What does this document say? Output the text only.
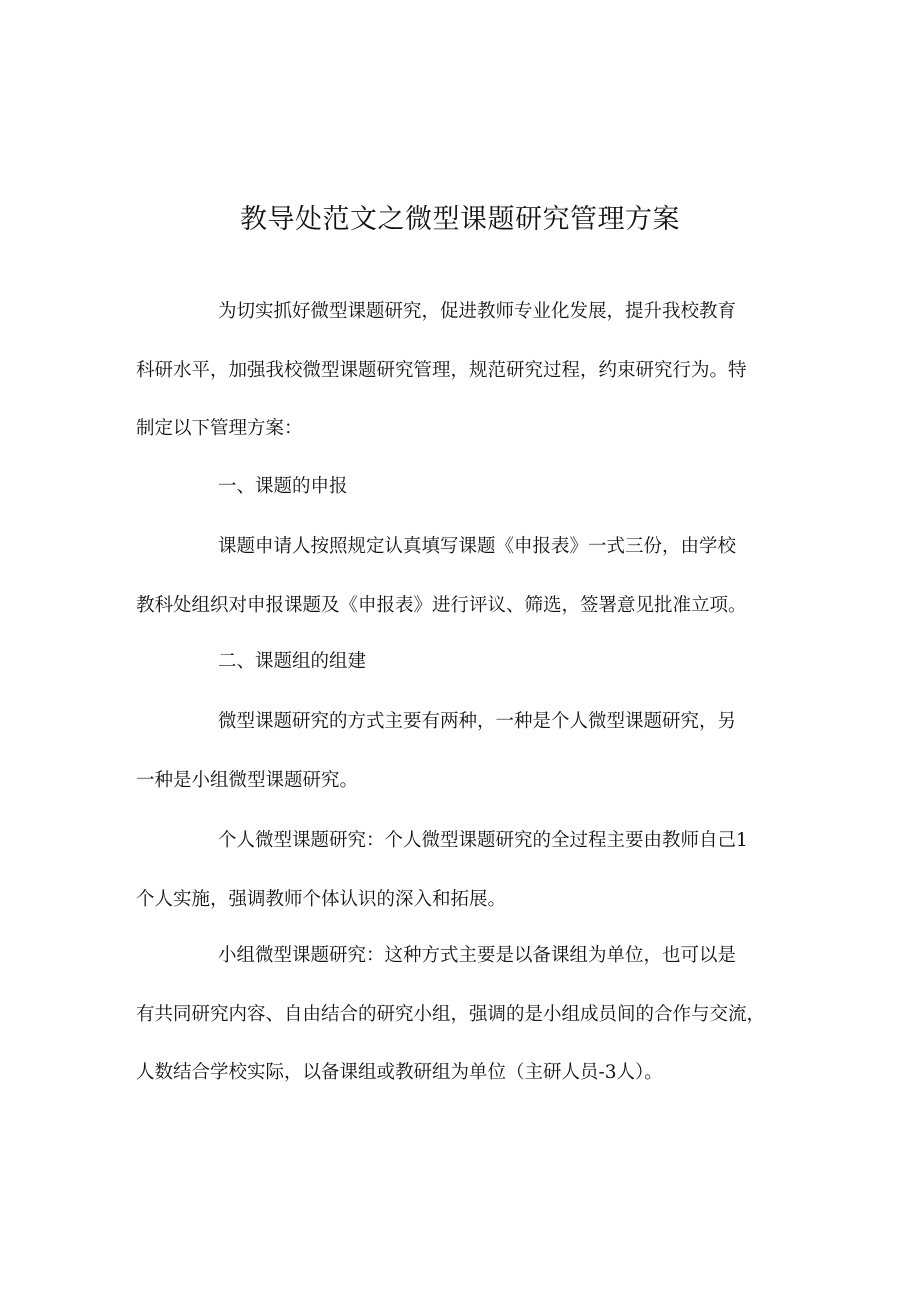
教导处范文之微型课题研究管理方案
为切实抓好微型课题研究，促进教师专业化发展，提升我校教育
科研水平，加强我校微型课题研究管理，规范研究过程，约束研究行为。特
制定以下管理方案：
一、课题的申报
课题申请人按照规定认真填写课题《申报表》一式三份，由学校
教科处组织对申报课题及《申报表》进行评议、筛选，签署意见批准立项。
二、课题组的组建
微型课题研究的方式主要有两种，一种是个人微型课题研究，另
一种是小组微型课题研究。
个人微型课题研究：个人微型课题研究的全过程主要由教师自己1
个人实施，强调教师个体认识的深入和拓展。
小组微型课题研究：这种方式主要是以备课组为单位，也可以是
有共同研究内容、自由结合的研究小组，强调的是小组成员间的合作与交流，
人数结合学校实际，以备课组或教研组为单位（主研人员-3人）。
